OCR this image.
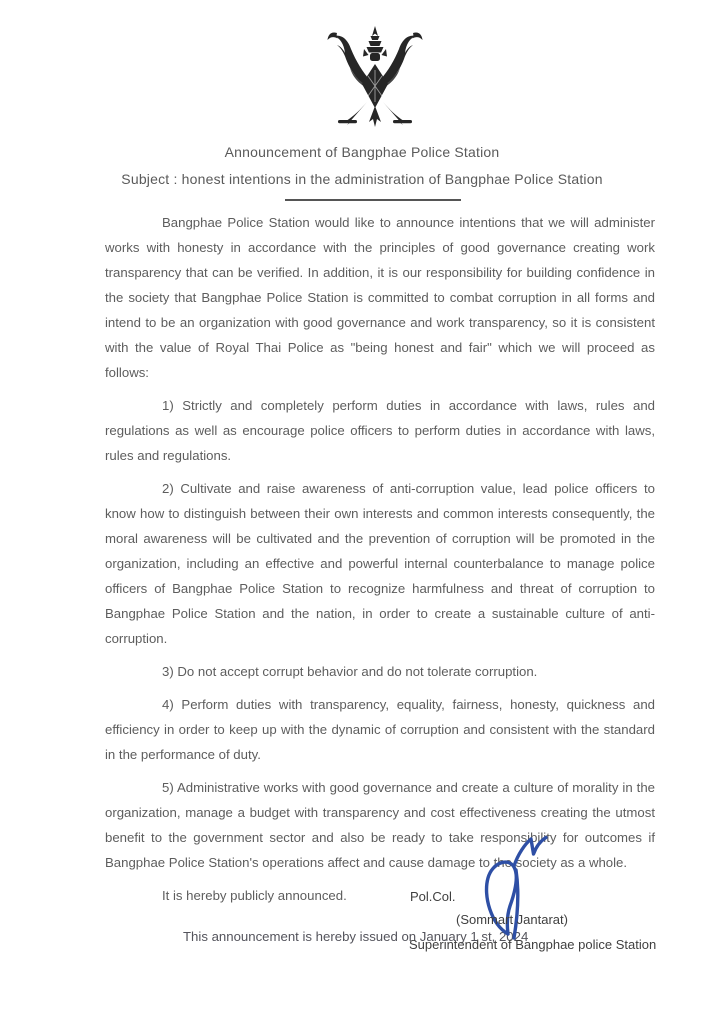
Announcement of Bangphae Police Station
Subject : honest intentions in the administration of Bangphae Police Station

Bangphae Police Station would like to announce intentions that we will administer works with honesty in accordance with the principles of good governance creating work transparency that can be verified. In addition, it is our responsibility for building confidence in the society that Bangphae Police Station is committed to combat corruption in all forms and intend to be an organization with good governance and work transparency, so it is consistent with the value of Royal Thai Police as "being honest and fair" which we will proceed as follows:

1) Strictly and completely perform duties in accordance with laws, rules and regulations as well as encourage police officers to perform duties in accordance with laws, rules and regulations.

2) Cultivate and raise awareness of anti-corruption value, lead police officers to know how to distinguish between their own interests and common interests consequently, the moral awareness will be cultivated and the prevention of corruption will be promoted in the organization, including an effective and powerful internal counterbalance to manage police officers of Bangphae Police Station to recognize harmfulness and threat of corruption to Bangphae Police Station and the nation, in order to create a sustainable culture of anti- corruption.

3) Do not accept corrupt behavior and do not tolerate corruption.

4) Perform duties with transparency, equality, fairness, honesty, quickness and efficiency in order to keep up with the dynamic of corruption and consistent with the standard in the performance of duty.

5) Administrative works with good governance and create a culture of morality in the organization, manage a budget with transparency and cost effectiveness creating the utmost benefit to the government sector and also be ready to take responsibility for outcomes if Bangphae Police Station's operations affect and cause damage to the society as a whole.

It is hereby publicly announced.

This announcement is hereby issued on January 1 st, 2024

Pol.Col.
(Sommart Jantarat)
Superintendent of Bangphae police Station
